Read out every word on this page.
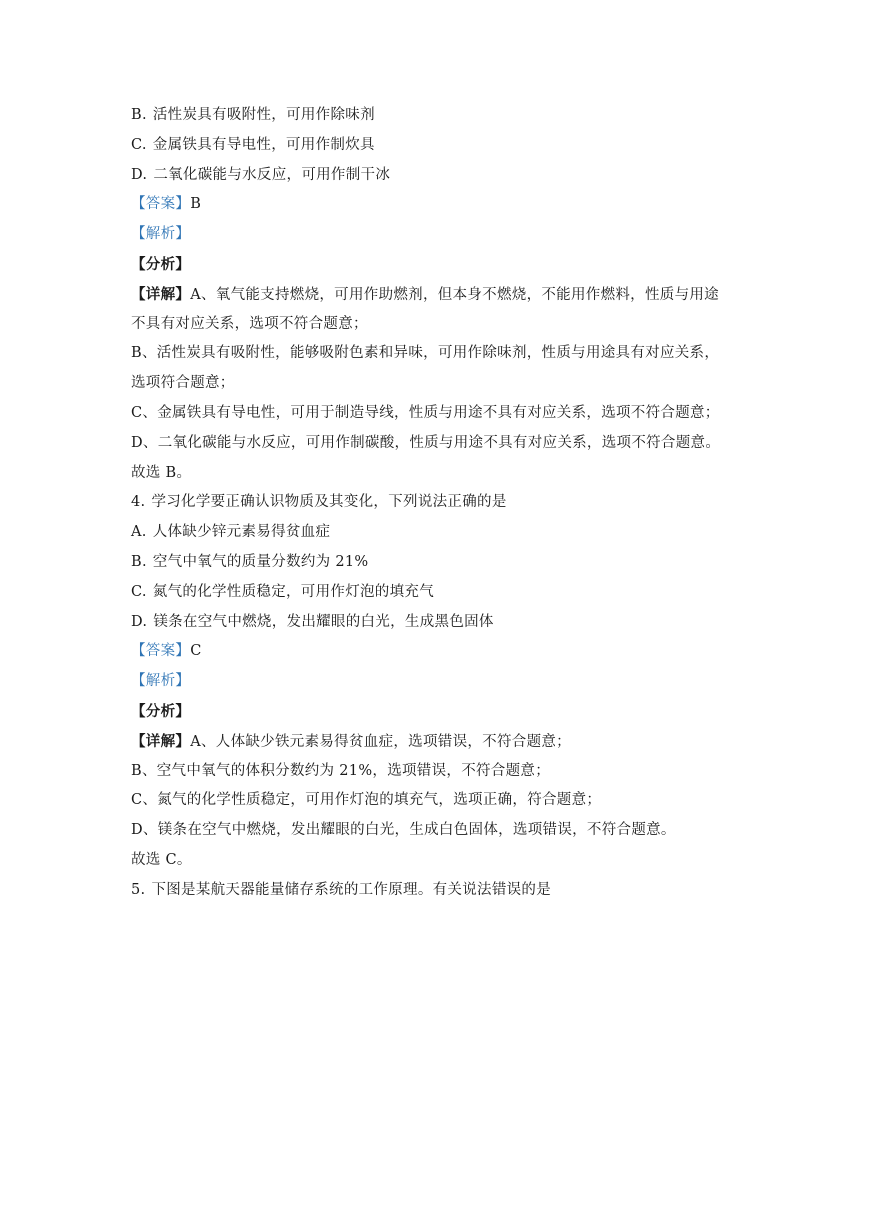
B. 活性炭具有吸附性，可用作除味剂
C. 金属铁具有导电性，可用作制炊具
D. 二氧化碳能与水反应，可用作制干冰
【答案】B
【解析】
【分析】
【详解】A、氧气能支持燃烧，可用作助燃剂，但本身不燃烧，不能用作燃料，性质与用途
不具有对应关系，选项不符合题意；
B、活性炭具有吸附性，能够吸附色素和异味，可用作除味剂，性质与用途具有对应关系，
选项符合题意；
C、金属铁具有导电性，可用于制造导线，性质与用途不具有对应关系，选项不符合题意；
D、二氧化碳能与水反应，可用作制碳酸，性质与用途不具有对应关系，选项不符合题意。
故选 B。
4. 学习化学要正确认识物质及其变化，下列说法正确的是
A. 人体缺少锌元素易得贫血症
B. 空气中氧气的质量分数约为 21%
C. 氮气的化学性质稳定，可用作灯泡的填充气
D. 镁条在空气中燃烧，发出耀眼的白光，生成黑色固体
【答案】C
【解析】
【分析】
【详解】A、人体缺少铁元素易得贫血症，选项错误，不符合题意；
B、空气中氧气的体积分数约为 21%，选项错误，不符合题意；
C、氮气的化学性质稳定，可用作灯泡的填充气，选项正确，符合题意；
D、镁条在空气中燃烧，发出耀眼的白光，生成白色固体，选项错误，不符合题意。
故选 C。
5. 下图是某航天器能量储存系统的工作原理。有关说法错误的是
